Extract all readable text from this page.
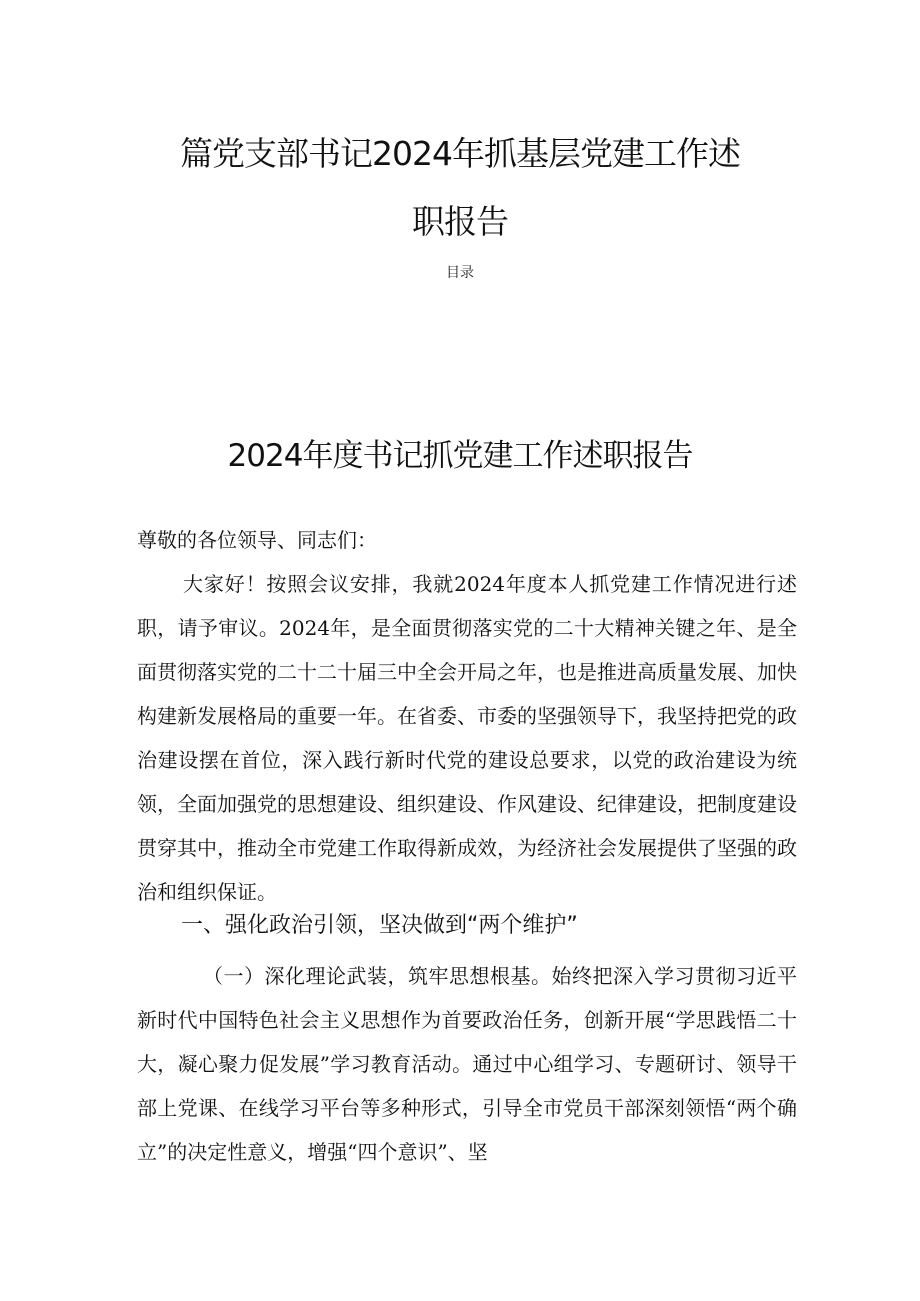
篇党支部书记2024年抓基层党建工作述
职报告
目录
2024年度书记抓党建工作述职报告

尊敬的各位领导、同志们：

大家好！按照会议安排，我就2024年度本人抓党建工作情况进行述职，请予审议。2024年，是全面贯彻落实党的二十大精神关键之年、是全面贯彻落实党的二十二十届三中全会开局之年，也是推进高质量发展、加快构建新发展格局的重要一年。在省委、市委的坚强领导下，我坚持把党的政治建设摆在首位，深入践行新时代党的建设总要求，以党的政治建设为统领，全面加强党的思想建设、组织建设、作风建设、纪律建设，把制度建设贯穿其中，推动全市党建工作取得新成效，为经济社会发展提供了坚强的政治和组织保证。

一、强化政治引领，坚决做到“两个维护”

（一）深化理论武装，筑牢思想根基。始终把深入学习贯彻习近平新时代中国特色社会主义思想作为首要政治任务，创新开展“学思践悟二十大，凝心聚力促发展”学习教育活动。通过中心组学习、专题研讨、领导干部上党课、在线学习平台等多种形式，引导全市党员干部深刻领悟“两个确立”的决定性意义，增强“四个意识”、坚
